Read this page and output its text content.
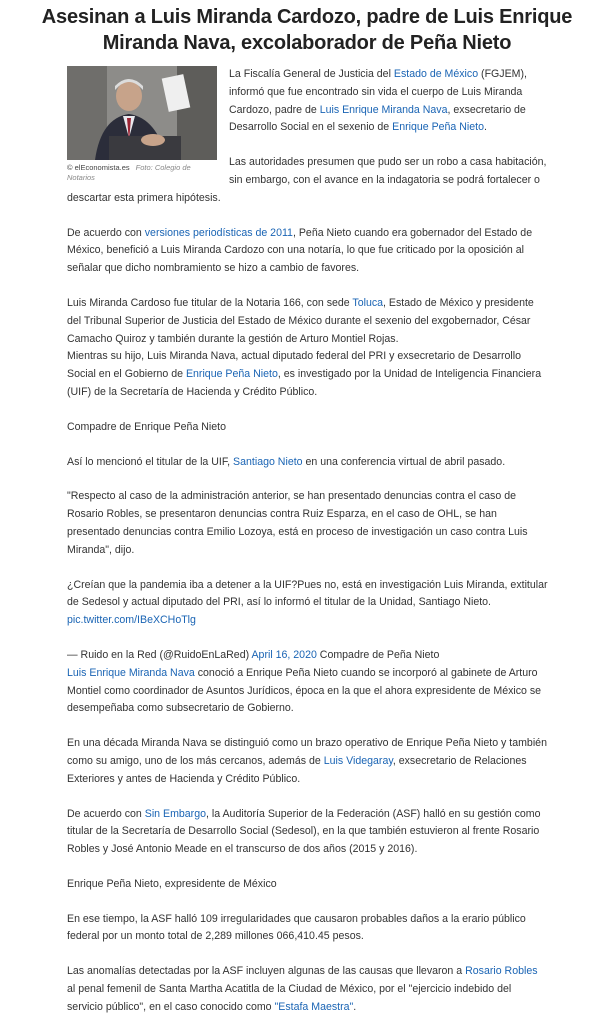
Asesinan a Luis Miranda Cardozo, padre de Luis Enrique Miranda Nava, excolaborador de Peña Nieto
© elEconomista.es Foto: Colegio de Notarios

La Fiscalía General de Justicia del Estado de México (FGJEM), informó que fue encontrado sin vida el cuerpo de Luis Miranda Cardozo, padre de Luis Enrique Miranda Nava, exsecretario de Desarrollo Social en el sexenio de Enrique Peña Nieto.

Las autoridades presumen que pudo ser un robo a casa habitación, sin embargo, con el avance en la indagatoria se podrá fortalecer o descartar esta primera hipótesis.

De acuerdo con versiones periodísticas de 2011, Peña Nieto cuando era gobernador del Estado de México, benefició a Luis Miranda Cardozo con una notaría, lo que fue criticado por la oposición al señalar que dicho nombramiento se hizo a cambio de favores.

Luis Miranda Cardoso fue titular de la Notaria 166, con sede Toluca, Estado de México y presidente del Tribunal Superior de Justicia del Estado de México durante el sexenio del exgobernador, César Camacho Quiroz y también durante la gestión de Arturo Montiel Rojas.

Mientras su hijo, Luis Miranda Nava, actual diputado federal del PRI y exsecretario de Desarrollo Social en el Gobierno de Enrique Peña Nieto, es investigado por la Unidad de Inteligencia Financiera (UIF) de la Secretaría de Hacienda y Crédito Público.

Compadre de Enrique Peña Nieto

Así lo mencionó el titular de la UIF, Santiago Nieto en una conferencia virtual de abril pasado.

"Respecto al caso de la administración anterior, se han presentado denuncias contra el caso de Rosario Robles, se presentaron denuncias contra Ruiz Esparza, en el caso de OHL, se han presentado denuncias contra Emilio Lozoya, está en proceso de investigación un caso contra Luis Miranda", dijo.

¿Creían que la pandemia iba a detener a la UIF?Pues no, está en investigación Luis Miranda, extitular de Sedesol y actual diputado del PRI, así lo informó el titular de la Unidad, Santiago Nieto. pic.twitter.com/IBeXCHoTlg

— Ruido en la Red (@RuidoEnLaRed) April 16, 2020 Compadre de Peña Nieto

Luis Enrique Miranda Nava conoció a Enrique Peña Nieto cuando se incorporó al gabinete de Arturo Montiel como coordinador de Asuntos Jurídicos, época en la que el ahora expresidente de México se desempeñaba como subsecretario de Gobierno.

En una década Miranda Nava se distinguió como un brazo operativo de Enrique Peña Nieto y también como su amigo, uno de los más cercanos, además de Luis Videgaray, exsecretario de Relaciones Exteriores y antes de Hacienda y Crédito Público.

De acuerdo con Sin Embargo, la Auditoría Superior de la Federación (ASF) halló en su gestión como titular de la Secretaría de Desarrollo Social (Sedesol), en la que también estuvieron al frente Rosario Robles y José Antonio Meade en el transcurso de dos años (2015 y 2016).

Enrique Peña Nieto, expresidente de México

En ese tiempo, la ASF halló 109 irregularidades que causaron probables daños a la erario público federal por un monto total de 2,289 millones 066,410.45 pesos.

Las anomalías detectadas por la ASF incluyen algunas de las causas que llevaron a Rosario Robles al penal femenil de Santa Martha Acatitla de la Ciudad de México, por el "ejercicio indebido del servicio público", en el caso conocido como "Estafa Maestra".
